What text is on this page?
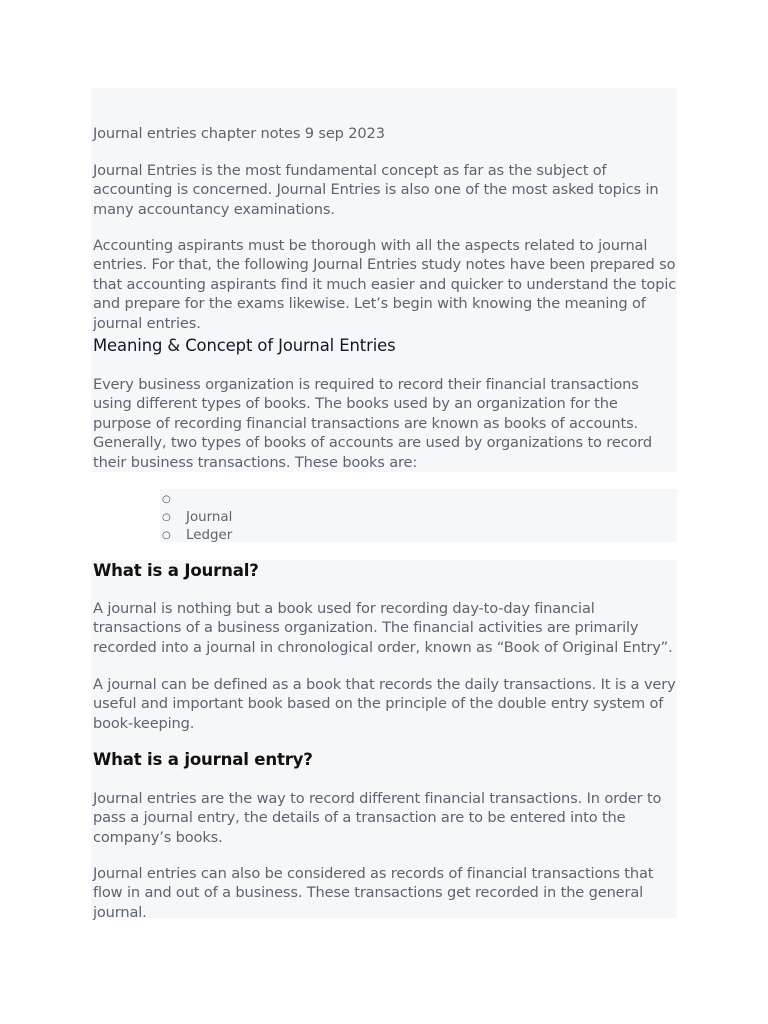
Journal entries chapter notes 9 sep 2023

Journal Entries is the most fundamental concept as far as the subject of accounting is concerned. Journal Entries is also one of the most asked topics in many accountancy examinations.

Accounting aspirants must be thorough with all the aspects related to journal entries. For that, the following Journal Entries study notes have been prepared so that accounting aspirants find it much easier and quicker to understand the topic and prepare for the exams likewise. Let’s begin with knowing the meaning of journal entries.

Meaning & Concept of Journal Entries

Every business organization is required to record their financial transactions using different types of books. The books used by an organization for the purpose of recording financial transactions are known as books of accounts. Generally, two types of books of accounts are used by organizations to record their business transactions. These books are:

○
○ Journal
○ Ledger
What is a Journal?

A journal is nothing but a book used for recording day-to-day financial transactions of a business organization. The financial activities are primarily recorded into a journal in chronological order, known as “Book of Original Entry”.

A journal can be defined as a book that records the daily transactions. It is a very useful and important book based on the principle of the double entry system of book-keeping.

What is a journal entry?

Journal entries are the way to record different financial transactions. In order to pass a journal entry, the details of a transaction are to be entered into the company’s books.

Journal entries can also be considered as records of financial transactions that flow in and out of a business. These transactions get recorded in the general journal.
